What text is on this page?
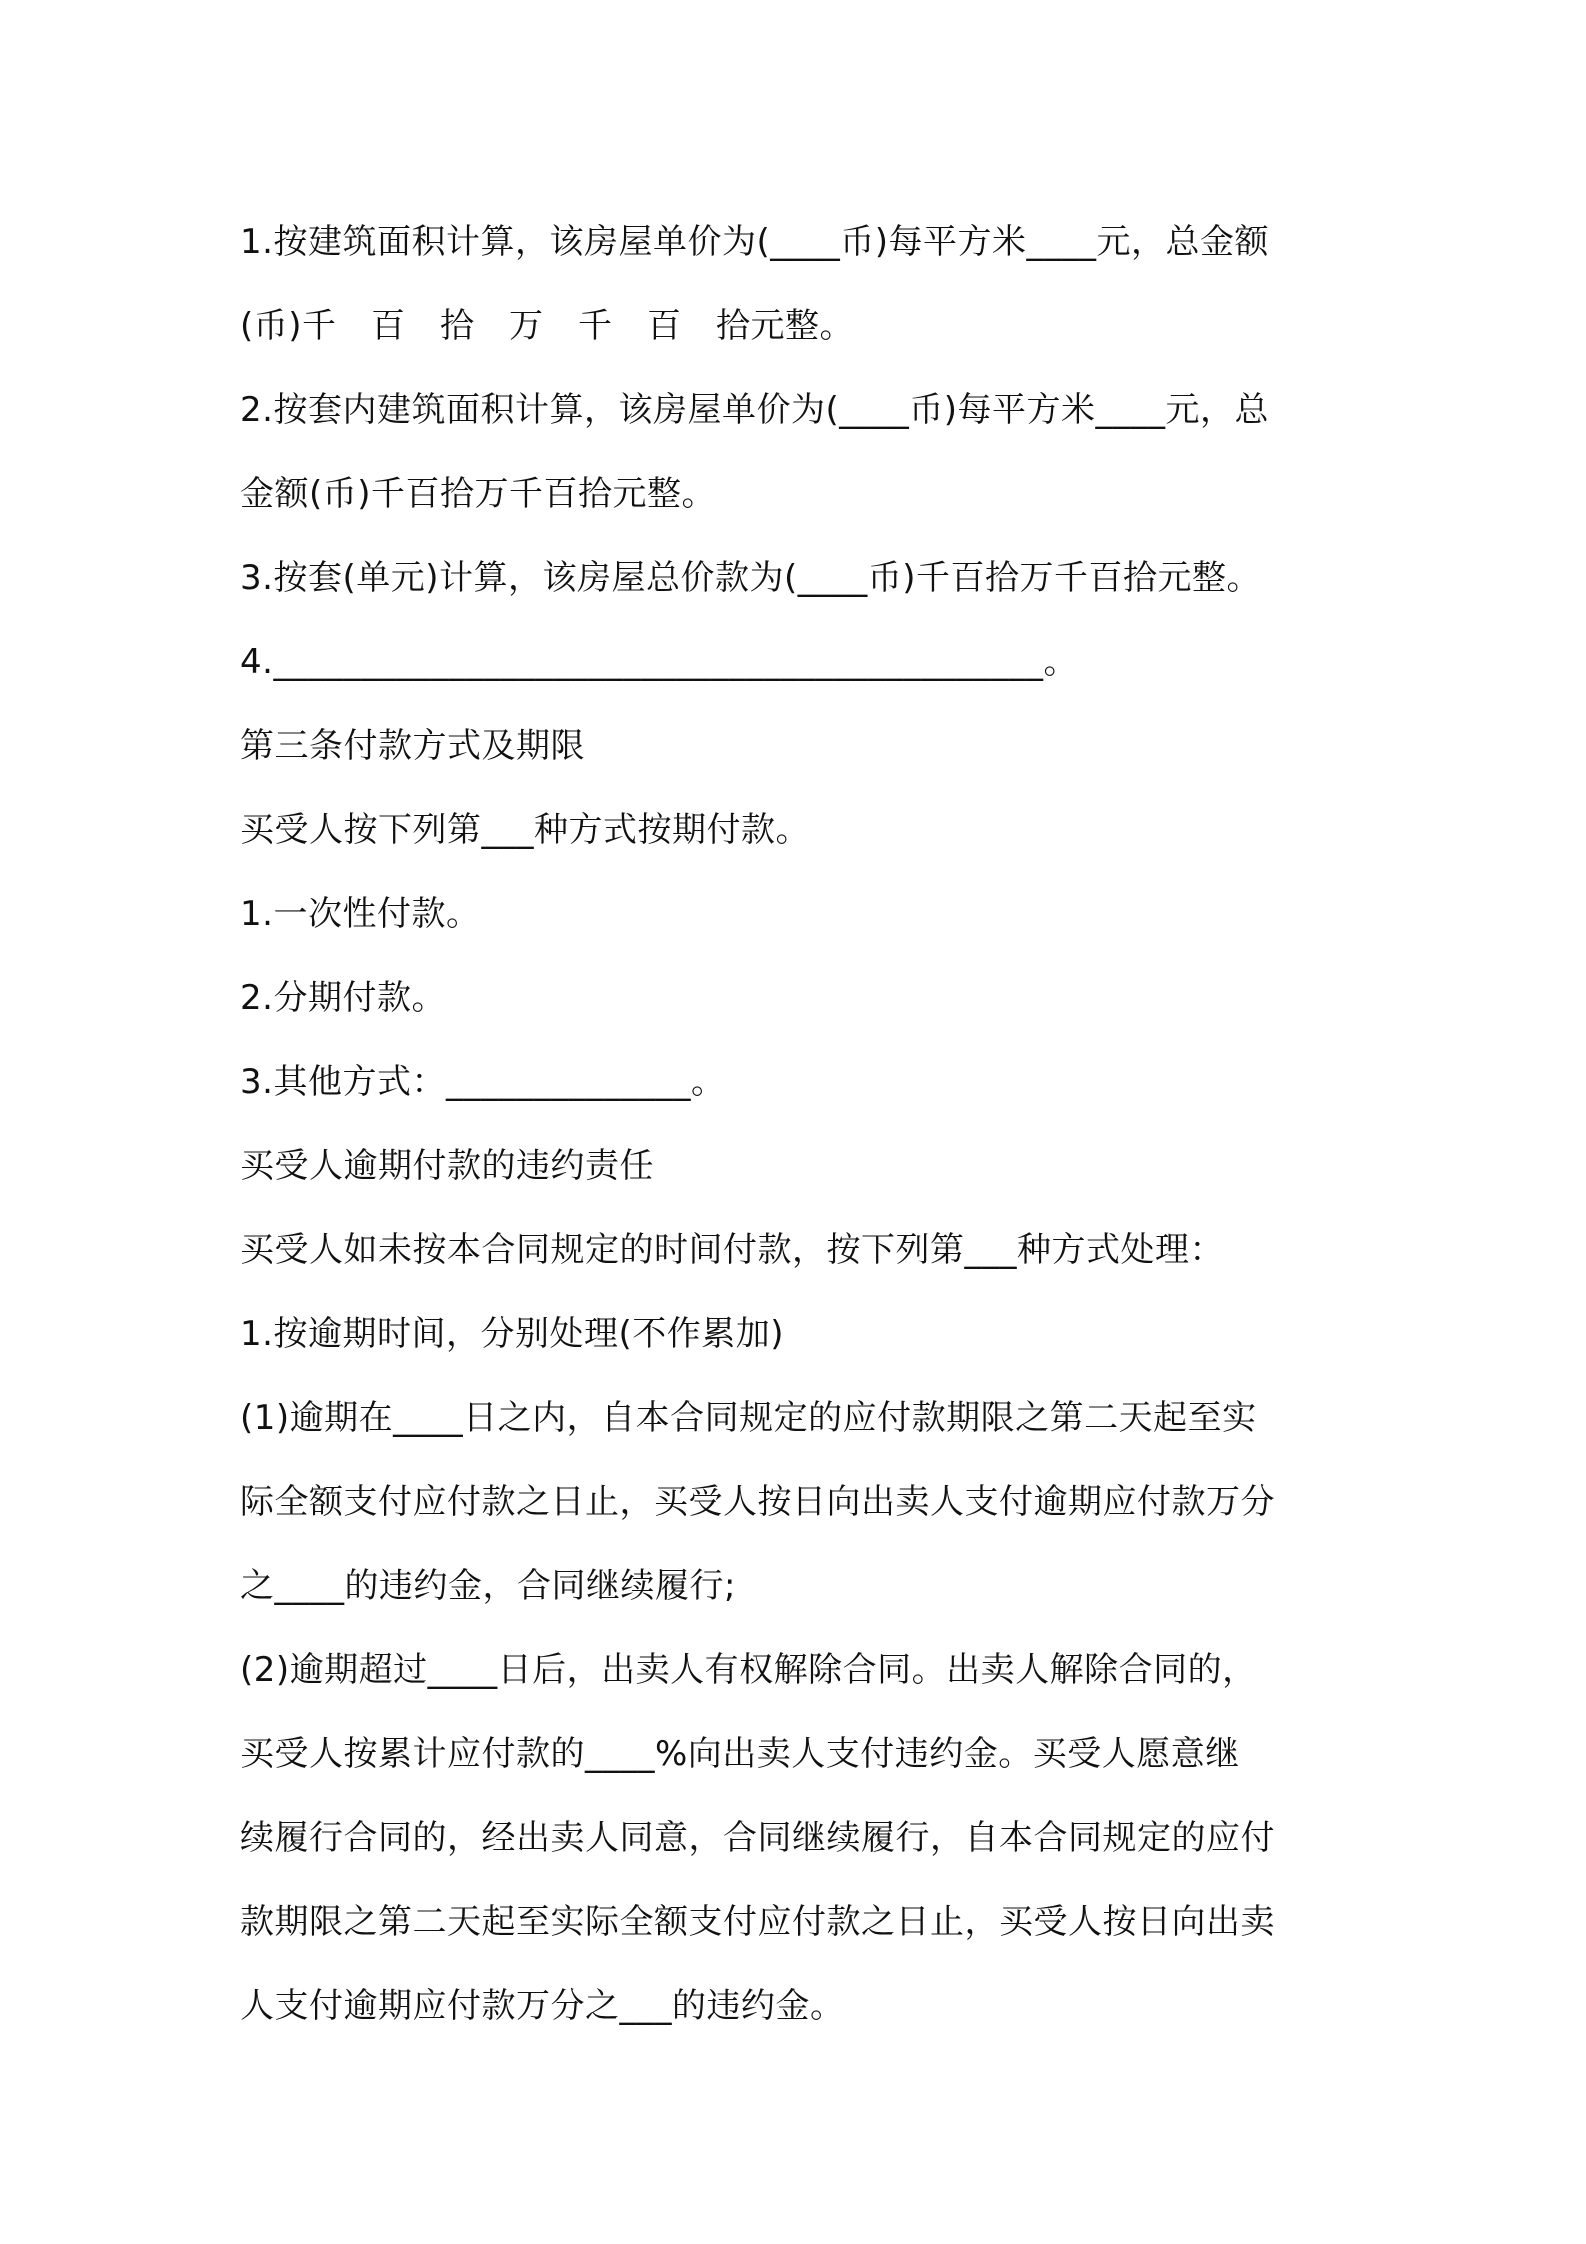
1.按建筑面积计算，该房屋单价为(____币)每平方米____元，总金额
(币)千　百　拾　万　千　百　拾元整。
2.按套内建筑面积计算，该房屋单价为(____币)每平方米____元，总
金额(币)千百拾万千百拾元整。
3.按套(单元)计算，该房屋总价款为(____币)千百拾万千百拾元整。
4.____________________________________________。
第三条付款方式及期限
买受人按下列第___种方式按期付款。
1.一次性付款。
2.分期付款。
3.其他方式：______________。
买受人逾期付款的违约责任
买受人如未按本合同规定的时间付款，按下列第___种方式处理：
1.按逾期时间，分别处理(不作累加)
(1)逾期在____日之内，自本合同规定的应付款期限之第二天起至实
际全额支付应付款之日止，买受人按日向出卖人支付逾期应付款万分
之____的违约金，合同继续履行;
(2)逾期超过____日后，出卖人有权解除合同。出卖人解除合同的，
买受人按累计应付款的____%向出卖人支付违约金。买受人愿意继
续履行合同的，经出卖人同意，合同继续履行，自本合同规定的应付
款期限之第二天起至实际全额支付应付款之日止，买受人按日向出卖
人支付逾期应付款万分之___的违约金。
